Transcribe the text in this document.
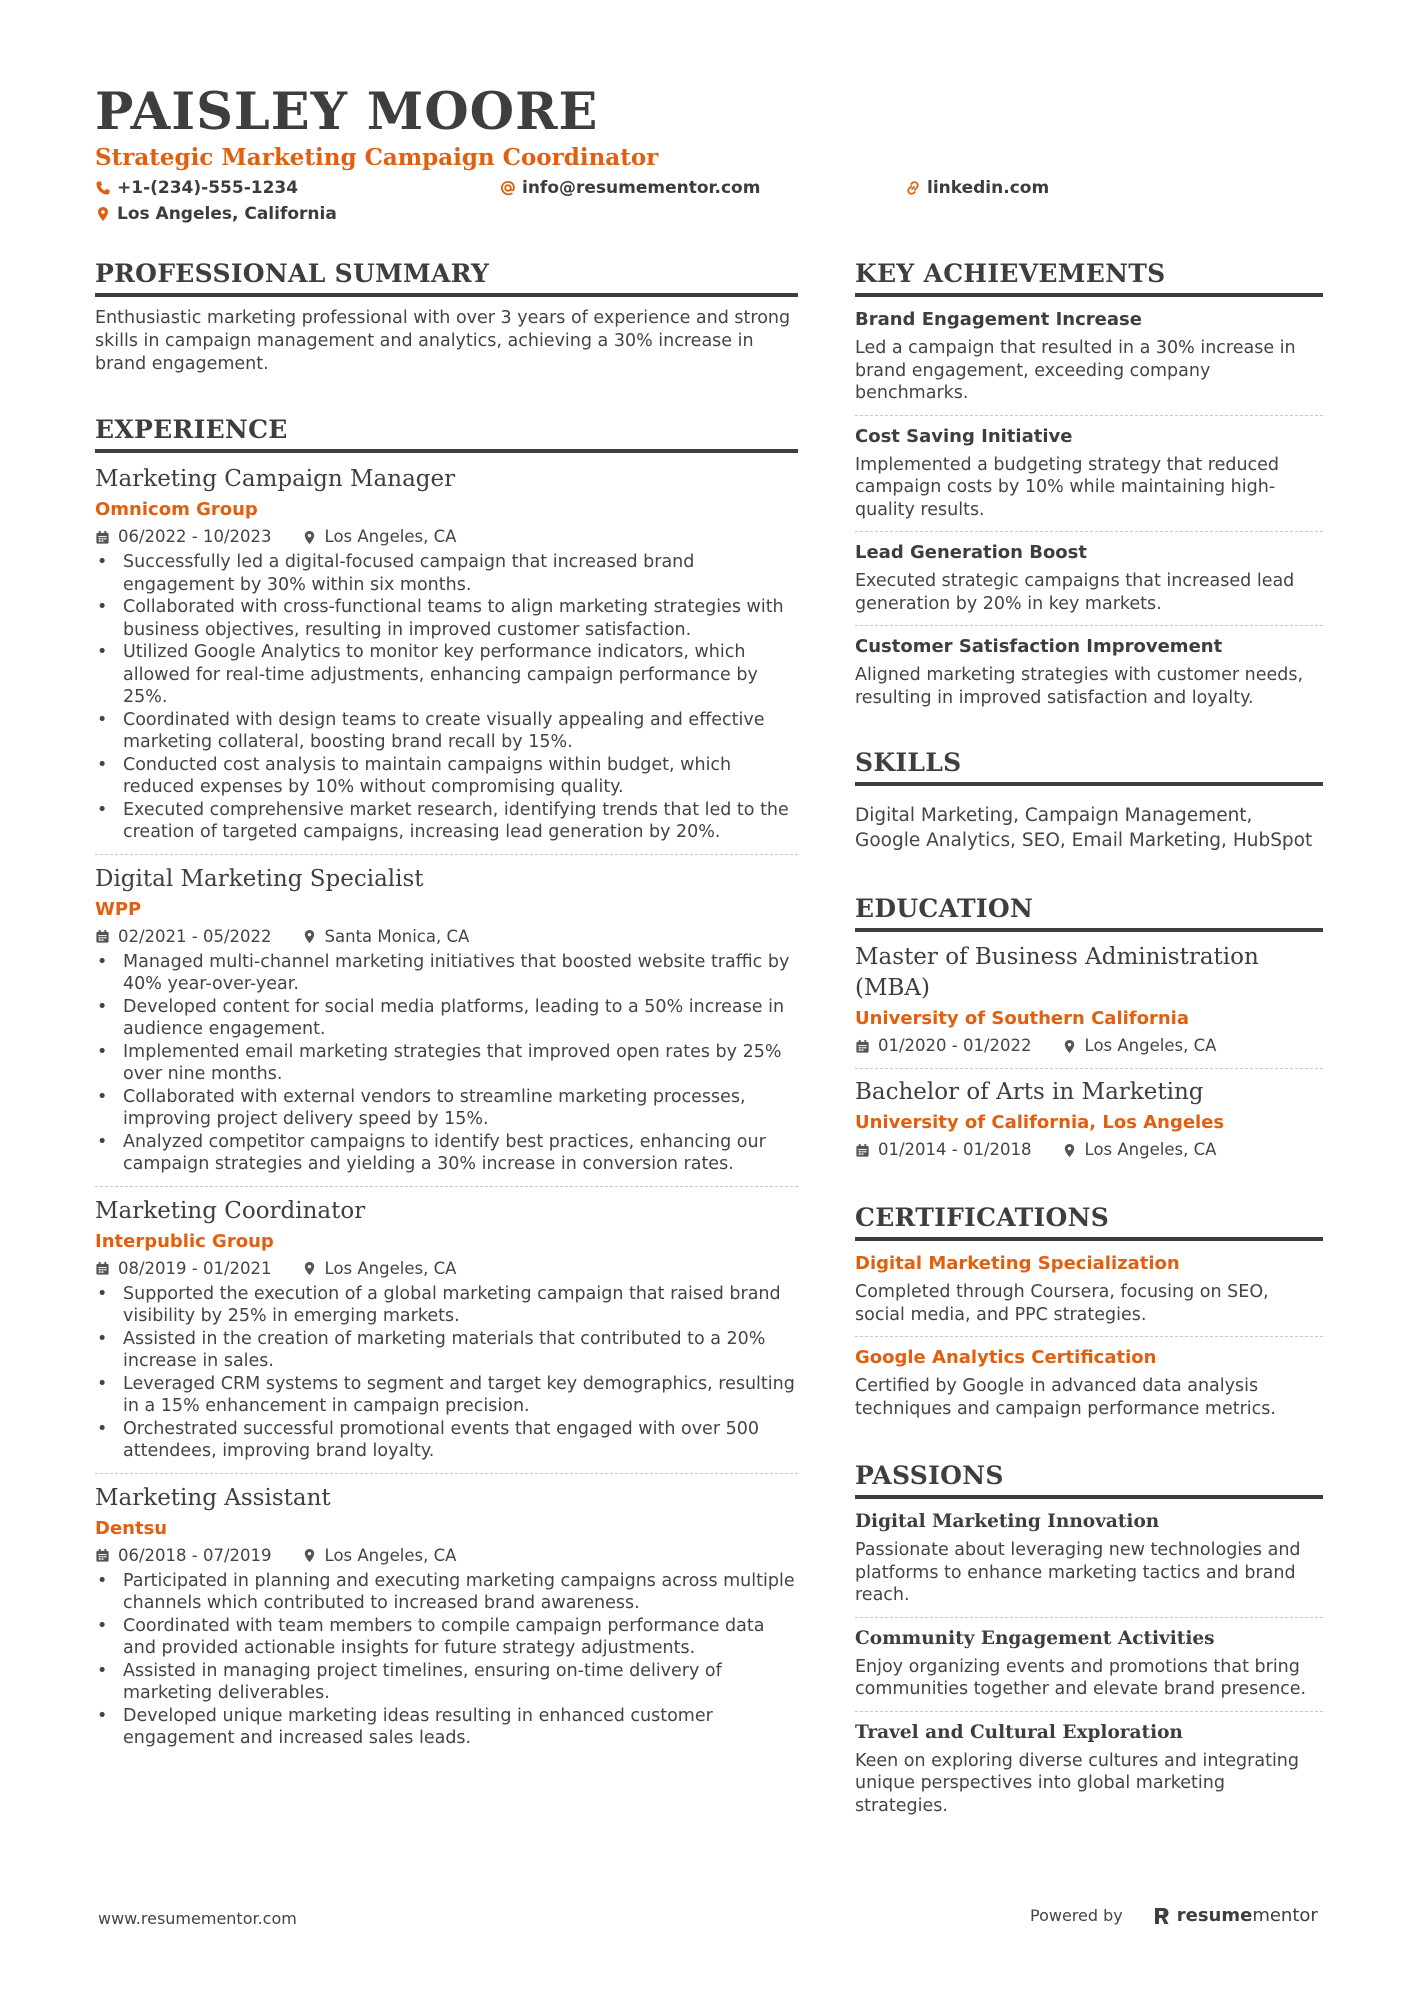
PAISLEY MOORE
Strategic Marketing Campaign Coordinator
+1-(234)-555-1234	info@resumementor.com	linkedin.com
Los Angeles, California
PROFESSIONAL SUMMARY
Enthusiastic marketing professional with over 3 years of experience and strong skills in campaign management and analytics, achieving a 30% increase in brand engagement.
EXPERIENCE
Marketing Campaign Manager
Omnicom Group
06/2022 - 10/2023	Los Angeles, CA
• Successfully led a digital-focused campaign that increased brand engagement by 30% within six months.
• Collaborated with cross-functional teams to align marketing strategies with business objectives, resulting in improved customer satisfaction.
• Utilized Google Analytics to monitor key performance indicators, which allowed for real-time adjustments, enhancing campaign performance by 25%.
• Coordinated with design teams to create visually appealing and effective marketing collateral, boosting brand recall by 15%.
• Conducted cost analysis to maintain campaigns within budget, which reduced expenses by 10% without compromising quality.
• Executed comprehensive market research, identifying trends that led to the creation of targeted campaigns, increasing lead generation by 20%.
Digital Marketing Specialist
WPP
02/2021 - 05/2022	Santa Monica, CA
• Managed multi-channel marketing initiatives that boosted website traffic by 40% year-over-year.
• Developed content for social media platforms, leading to a 50% increase in audience engagement.
• Implemented email marketing strategies that improved open rates by 25% over nine months.
• Collaborated with external vendors to streamline marketing processes, improving project delivery speed by 15%.
• Analyzed competitor campaigns to identify best practices, enhancing our campaign strategies and yielding a 30% increase in conversion rates.
Marketing Coordinator
Interpublic Group
08/2019 - 01/2021	Los Angeles, CA
• Supported the execution of a global marketing campaign that raised brand visibility by 25% in emerging markets.
• Assisted in the creation of marketing materials that contributed to a 20% increase in sales.
• Leveraged CRM systems to segment and target key demographics, resulting in a 15% enhancement in campaign precision.
• Orchestrated successful promotional events that engaged with over 500 attendees, improving brand loyalty.
Marketing Assistant
Dentsu
06/2018 - 07/2019	Los Angeles, CA
• Participated in planning and executing marketing campaigns across multiple channels which contributed to increased brand awareness.
• Coordinated with team members to compile campaign performance data and provided actionable insights for future strategy adjustments.
• Assisted in managing project timelines, ensuring on-time delivery of marketing deliverables.
• Developed unique marketing ideas resulting in enhanced customer engagement and increased sales leads.
KEY ACHIEVEMENTS
Brand Engagement Increase
Led a campaign that resulted in a 30% increase in brand engagement, exceeding company benchmarks.
Cost Saving Initiative
Implemented a budgeting strategy that reduced campaign costs by 10% while maintaining high-quality results.
Lead Generation Boost
Executed strategic campaigns that increased lead generation by 20% in key markets.
Customer Satisfaction Improvement
Aligned marketing strategies with customer needs, resulting in improved satisfaction and loyalty.
SKILLS
Digital Marketing, Campaign Management, Google Analytics, SEO, Email Marketing, HubSpot
EDUCATION
Master of Business Administration (MBA)
University of Southern California
01/2020 - 01/2022	Los Angeles, CA
Bachelor of Arts in Marketing
University of California, Los Angeles
01/2014 - 01/2018	Los Angeles, CA
CERTIFICATIONS
Digital Marketing Specialization
Completed through Coursera, focusing on SEO, social media, and PPC strategies.
Google Analytics Certification
Certified by Google in advanced data analysis techniques and campaign performance metrics.
PASSIONS
Digital Marketing Innovation
Passionate about leveraging new technologies and platforms to enhance marketing tactics and brand reach.
Community Engagement Activities
Enjoy organizing events and promotions that bring communities together and elevate brand presence.
Travel and Cultural Exploration
Keen on exploring diverse cultures and integrating unique perspectives into global marketing strategies.
www.resumementor.com	Powered by	resumementor
